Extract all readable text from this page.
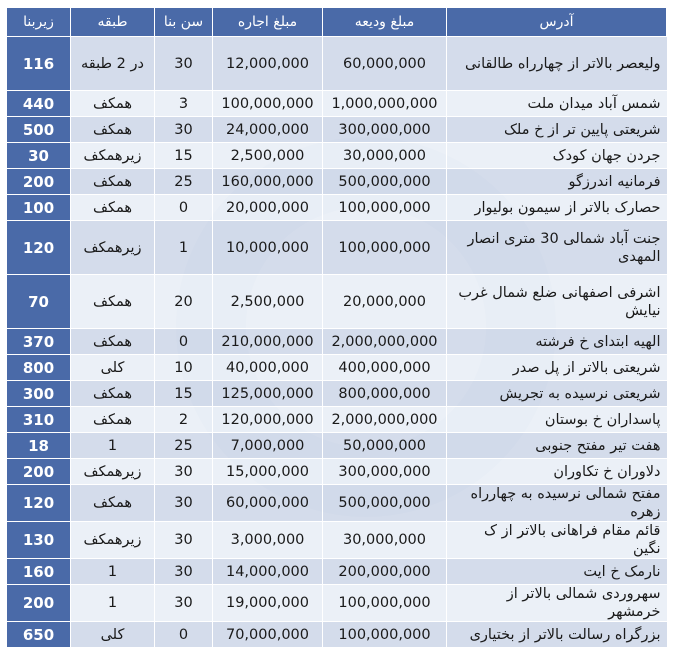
آدرس	مبلغ ودیعه	مبلغ اجاره	سن بنا	طبقه	زیربنا
ولیعصر بالاتر از چهارراه طالقانی	60,000,000	12,000,000	30	در 2 طبقه	116
شمس آباد میدان ملت	1,000,000,000	100,000,000	3	همکف	440
شریعتی پایین تر از خ ملک	300,000,000	24,000,000	30	همکف	500
جردن جهان کودک	30,000,000	2,500,000	15	زیرهمکف	30
فرمانیه اندرزگو	500,000,000	160,000,000	25	همکف	200
حصارک بالاتر از سیمون بولیوار	100,000,000	20,000,000	0	همکف	100
جنت آباد شمالی 30 متری انصار المهدی	100,000,000	10,000,000	1	زیرهمکف	120
اشرفی اصفهانی ضلع شمال غرب نیایش	20,000,000	2,500,000	20	همکف	70
الهیه ابتدای خ فرشته	2,000,000,000	210,000,000	0	همکف	370
شریعتی بالاتر از پل صدر	400,000,000	40,000,000	10	کلی	800
شریعتی نرسیده به تجریش	800,000,000	125,000,000	15	همکف	300
پاسداران خ بوستان	2,000,000,000	120,000,000	2	همکف	310
هفت تیر مفتح جنوبی	50,000,000	7,000,000	25	1	18
دلاوران خ تکاوران	300,000,000	15,000,000	30	زیرهمکف	200
مفتح شمالی نرسیده به چهارراه زهره	500,000,000	60,000,000	30	همکف	120
قائم مقام فراهانی بالاتر از ک نگین	30,000,000	3,000,000	30	زیرهمکف	130
نارمک خ ایت	200,000,000	14,000,000	30	1	160
سهروردی شمالی بالاتر از خرمشهر	100,000,000	19,000,000	30	1	200
بزرگراه رسالت بالاتر از بختیاری	100,000,000	70,000,000	0	کلی	650
